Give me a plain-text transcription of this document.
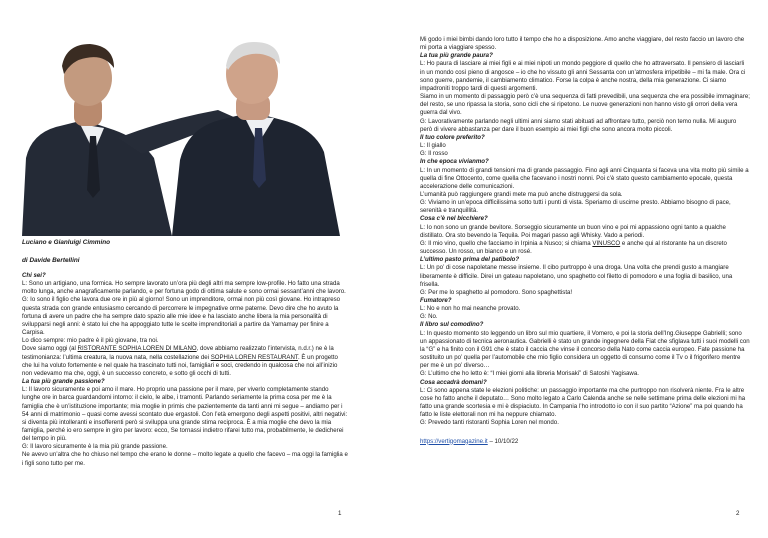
Luciano e Gianluigi Cimmino
di Davide Bertellini

Chi sei?

L: Sono un artigiano, una formica. Ho sempre lavorato un’ora più degli altri ma sempre low-profile. Ho fatto una strada molto lunga, anche anagraficamente parlando, e per fortuna godo di ottima salute e sono ormai sessant’anni che lavoro.

G: Io sono il figlio che lavora due ore in più al giorno! Sono un imprenditore, ormai non più così giovane. Ho intrapreso questa strada con grande entusiasmo cercando di percorrere le impegnative orme paterne. Devo dire che ho avuto la fortuna di avere un padre che ha sempre dato spazio alle mie idee e ha lasciato anche libera la mia personalità di svilupparsi negli anni: è stato lui che ha appoggiato tutte le scelte imprenditoriali a partire da Yamamay per finire a Carpisa.

Lo dico sempre: mio padre è il più giovane, tra noi.

Dove siamo oggi (al RISTORANTE SOPHIA LOREN DI MILANO, dove abbiamo realizzato l’intervista, n.d.r.) ne è la testimonianza: l’ultima creatura, la nuova nata, nella costellazione dei SOPHIA LOREN RESTAURANT. È un progetto che lui ha voluto fortemente e nel quale ha trascinato tutti noi, famigliari e soci, credendo in qualcosa che noi all’inizio non vedevamo ma che, oggi, è un successo concreto, e sotto gli occhi di tutti.

La tua più grande passione?

L: Il lavoro sicuramente e poi amo il mare. Ho proprio una passione per il mare, per viverlo completamente stando lunghe ore in barca guardandomi intorno: il cielo, le albe, i tramonti. Parlando seriamente la prima cosa per me è la famiglia che è un’istituzione importante; mia moglie in primis che pazientemente da tanti anni mi segue – andiamo per i 54 anni di matrimonio – quasi come avessi scontato due ergastoli. Con l’età emergono degli aspetti positivi, altri negativi: si diventa più intolleranti e insofferenti però si sviluppa una grande stima reciproca. È a mia moglie che devo la mia famiglia, perché io ero sempre in giro per lavoro: ecco, Se tornassi indietro rifarei tutto ma, probabilmente, le dedicherei del tempo in più.

G: Il lavoro sicuramente è la mia più grande passione.

Ne avevo un’altra che ho chiuso nel tempo che erano le donne – molto legate a quello che facevo – ma oggi la famiglia e i figli sono tutto per me.

1

Mi godo i miei bimbi dando loro tutto il tempo che ho a disposizione. Amo anche viaggiare, del resto faccio un lavoro che mi porta a viaggiare spesso.

La tua più grande paura?

L: Ho paura di lasciare ai miei figli e ai miei nipoti un mondo peggiore di quello che ho attraversato. Il pensiero di lasciarli in un mondo così pieno di angosce – io che ho vissuto gli anni Sessanta con un’atmosfera irripetibile – mi fa male. Ora ci sono guerre, pandemie, il cambiamento climatico. Forse la colpa è anche nostra, della mia generazione. Ci siamo impadroniti troppo tardi di questi argomenti.

Siamo in un momento di passaggio però c’è una sequenza di fatti prevedibili, una sequenza che era possibile immaginare; del resto, se uno ripassa la storia, sono cicli che si ripetono. Le nuove generazioni non hanno visto gli orrori della vera guerra dal vivo.

G: Lavorativamente parlando negli ultimi anni siamo stati abituati ad affrontare tutto, perciò non temo nulla. Mi auguro però di vivere abbastanza per dare il buon esempio ai miei figli che sono ancora molto piccoli.

Il tuo colore preferito?

L: Il giallo

G: Il rosso

In che epoca vivianmo?

L: In un momento di grandi tensioni ma di grande passaggio. Fino agli anni Cinquanta si faceva una vita molto più simile a quella di fine Ottocento, come quella che facevano i nostri nonni. Poi c’è stato questo cambiamento epocale, questa accelerazione delle comunicazioni.

L’umanità può raggiungere grandi mete ma può anche distruggersi da sola.

G: Viviamo in un’epoca difficilissima sotto tutti i punti di vista. Speriamo di uscirne presto. Abbiamo bisogno di pace, serenità e tranquillità.

Cosa c’è nel bicchiere?

L: Io non sono un grande bevitore. Sorseggio sicuramente un buon vino e poi mi appassiono ogni tanto a qualche distillato. Ora sto bevendo la Tequila. Poi magari passo agli Whisky. Vado a periodi.

G: Il mio vino, quello che facciamo in Irpinia a Nusco; si chiama VINUSCO e anche qui al ristorante ha un discreto successo. Un rosso, un bianco e un rosé.

L’ultimo pasto prima del patibolo?

L: Un po’ di cose napoletane messe insieme. Il cibo purtroppo è una droga. Una volta che prendi gusto a mangiare liberamente è difficile. Direi un gateau napoletano, uno spaghetto col filetto di pomodoro e una foglia di basilico, una frisella.

G: Per me lo spaghetto al pomodoro. Sono spaghettista!

Fumatore?

L: No e non ho mai neanche provato.

G: No.

Il libro sul comodino?

L: In questo momento sto leggendo un libro sul mio quartiere, il Vomero, e poi la storia dell’Ing.Giuseppe Gabrielli; sono un appassionato di tecnica aeronautica. Gabrielli è stato un grande ingegnere della Fiat che sfiglava tutti i suoi modelli con la “G” e ha finito con il G91 che è stato il caccia che vinse il concorso della Nato come caccia europeo. Fate passione ha sostituito un po’ quella per l’automobile che mio figlio considera un oggetto di consumo come il Tv o il frigorifero mentre per me è un po’ diverso…

G: L’ultimo che ho letto è: “I miei giorni alla libreria Morisaki” di Satoshi Yagisawa.

Cosa accadrà domani?

L: Ci sono appena state le elezioni politiche: un passaggio importante ma che purtroppo non risolverà niente. Fra le altre cose ho fatto anche il deputato… Sono molto legato a Carlo Calenda anche se nelle settimane prima delle elezioni mi ha fatto una grande scortesia e mi è dispiaciuto. In Campania l’ho introdotto io con il suo partito “Azione” ma poi quando ha fatto le liste elettorali non mi ha neppure chiamato.

G: Prevedo tanti ristoranti Sophia Loren nel mondo.

https://vertigomagazine.it – 10/10/22

2
